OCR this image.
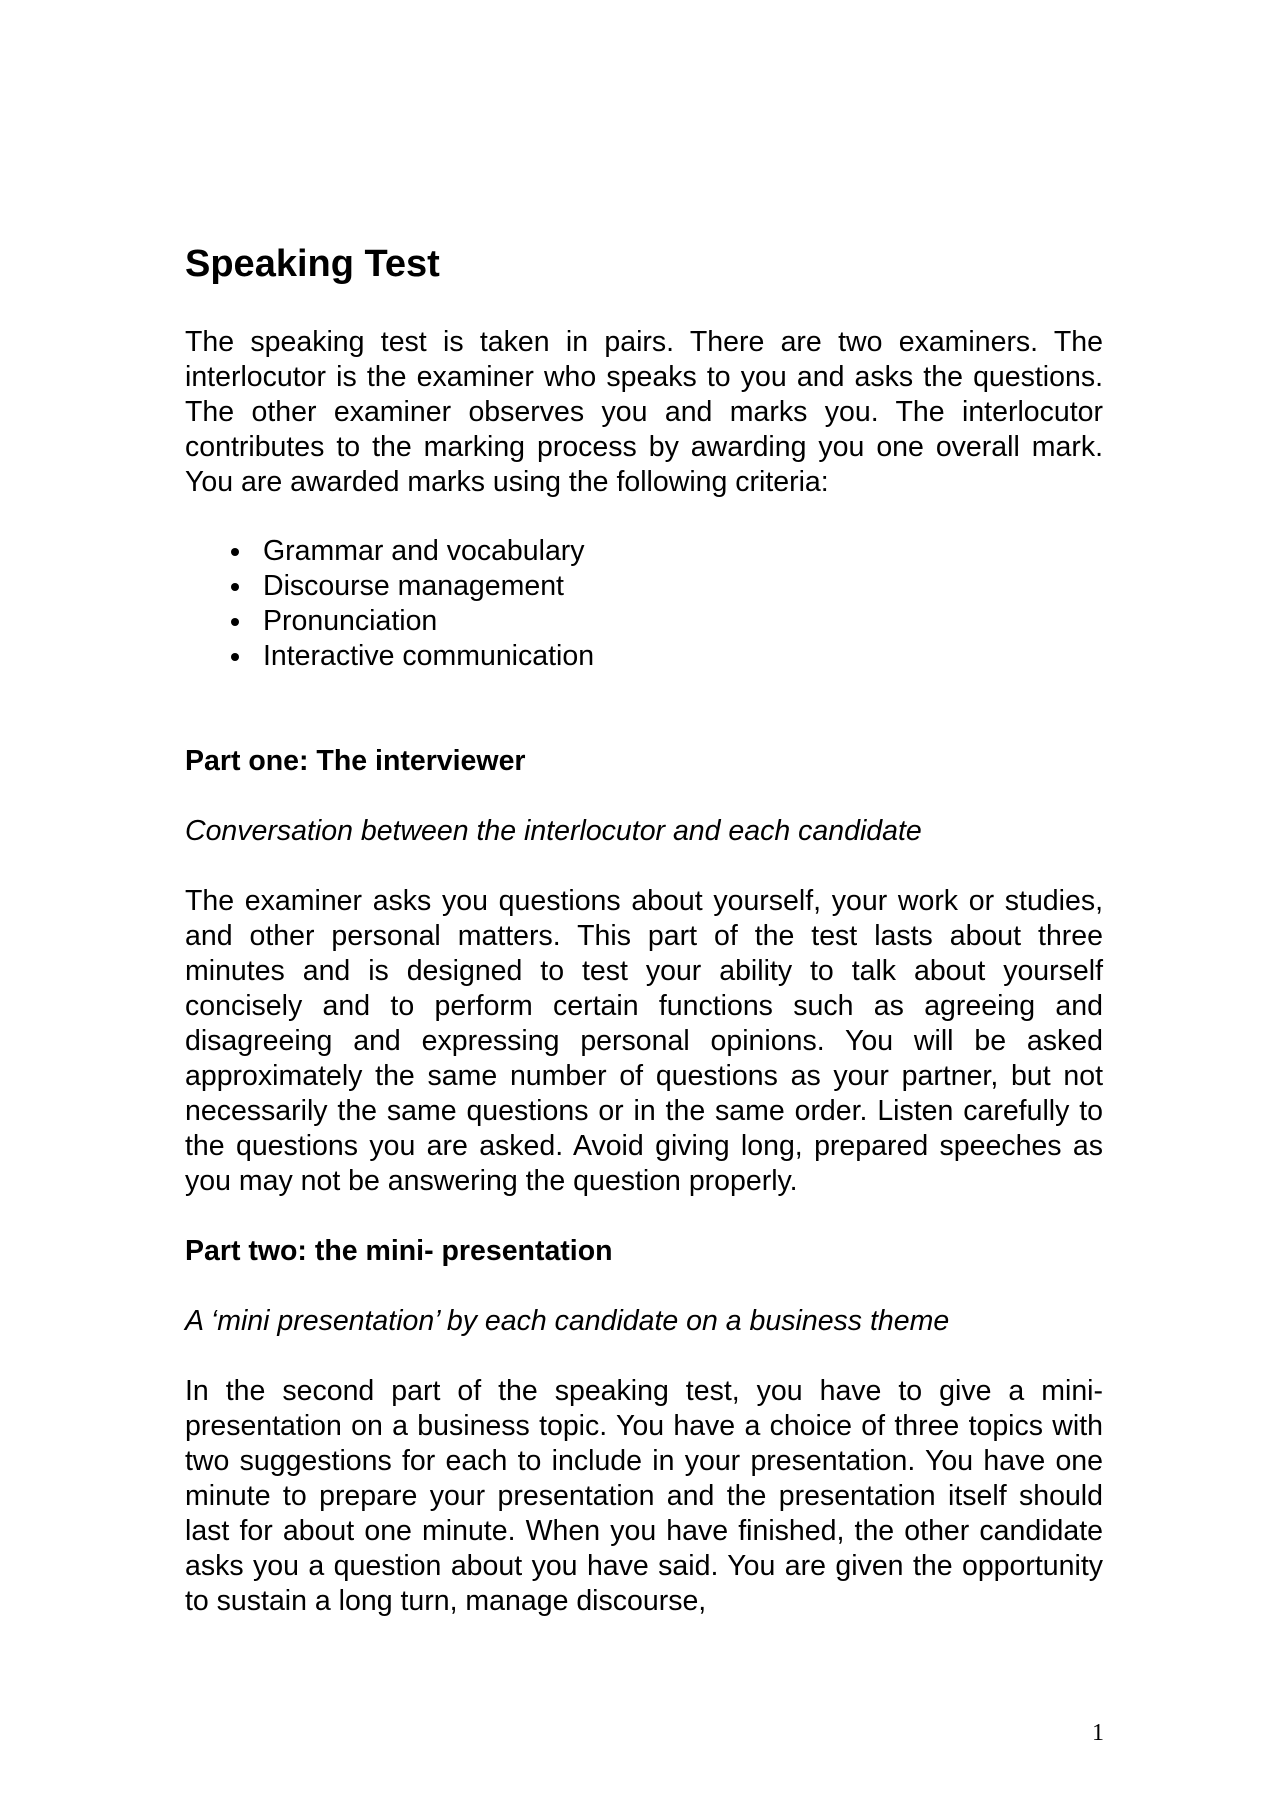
Speaking Test

The speaking test is taken in pairs. There are two examiners. The interlocutor is the examiner who speaks to you and asks the questions. The other examiner observes you and marks you. The interlocutor contributes to the marking process by awarding you one overall mark. You are awarded marks using the following criteria:

Grammar and vocabulary
Discourse management
Pronunciation
Interactive communication
Part one: The interviewer

Conversation between the interlocutor and each candidate

The examiner asks you questions about yourself, your work or studies, and other personal matters. This part of the test lasts about three minutes and is designed to test your ability to talk about yourself concisely and to perform certain functions such as agreeing and disagreeing and expressing personal opinions. You will be asked approximately the same number of questions as your partner, but not necessarily the same questions or in the same order. Listen carefully to the questions you are asked. Avoid giving long, prepared speeches as you may not be answering the question properly.

Part two: the mini- presentation

A ‘mini presentation’ by each candidate on a business theme

In the second part of the speaking test, you have to give a mini-presentation on a business topic. You have a choice of three topics with two suggestions for each to include in your presentation. You have one minute to prepare your presentation and the presentation itself should last for about one minute. When you have finished, the other candidate asks you a question about you have said. You are given the opportunity to sustain a long turn, manage discourse,

1
